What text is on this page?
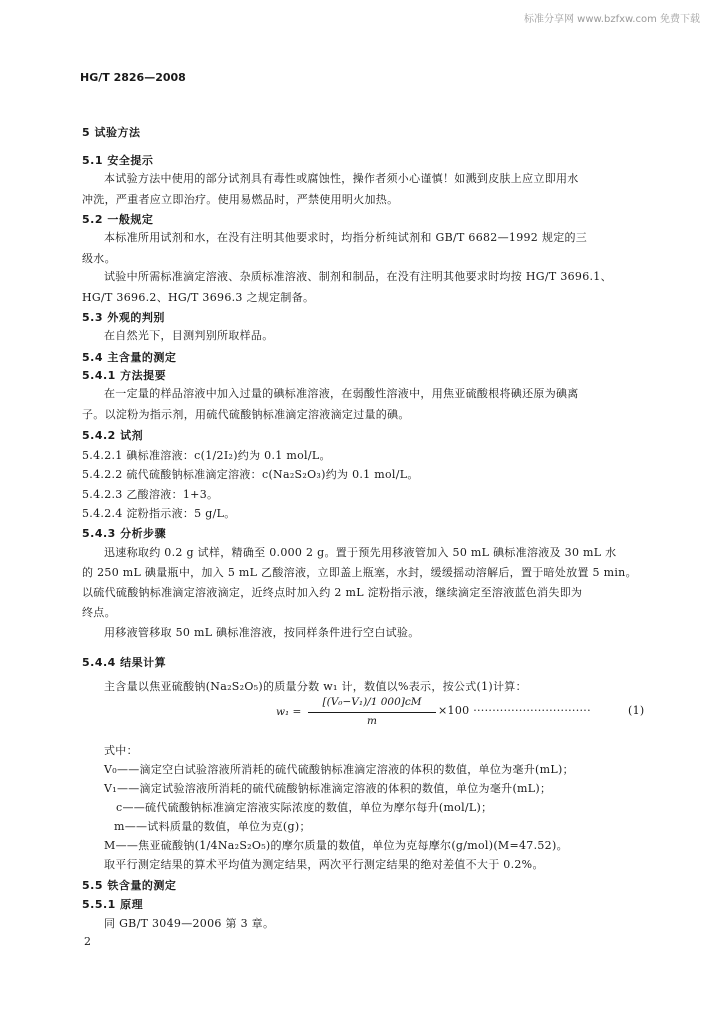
标准分享网 www.bzfxw.com 免费下载
HG/T 2826—2008
5 试验方法
5.1 安全提示
本试验方法中使用的部分试剂具有毒性或腐蚀性，操作者须小心谨慎！如溅到皮肤上应立即用水
冲洗，严重者应立即治疗。使用易燃品时，严禁使用明火加热。
5.2 一般规定
本标准所用试剂和水，在没有注明其他要求时，均指分析纯试剂和 GB/T 6682—1992 规定的三
级水。
试验中所需标准滴定溶液、杂质标准溶液、制剂和制品，在没有注明其他要求时均按 HG/T 3696.1、
HG/T 3696.2、HG/T 3696.3 之规定制备。
5.3 外观的判别
在自然光下，目测判别所取样品。
5.4 主含量的测定
5.4.1 方法提要
在一定量的样品溶液中加入过量的碘标准溶液，在弱酸性溶液中，用焦亚硫酸根将碘还原为碘离
子。以淀粉为指示剂，用硫代硫酸钠标准滴定溶液滴定过量的碘。
5.4.2 试剂
5.4.2.1 碘标准溶液：c(1/2I₂)约为 0.1 mol/L。
5.4.2.2 硫代硫酸钠标准滴定溶液：c(Na₂S₂O₃)约为 0.1 mol/L。
5.4.2.3 乙酸溶液：1+3。
5.4.2.4 淀粉指示液：5 g/L。
5.4.3 分析步骤
迅速称取约 0.2 g 试样，精确至 0.000 2 g。置于预先用移液管加入 50 mL 碘标准溶液及 30 mL 水
的 250 mL 碘量瓶中，加入 5 mL 乙酸溶液，立即盖上瓶塞，水封，缓缓摇动溶解后，置于暗处放置 5 min。
以硫代硫酸钠标准滴定溶液滴定，近终点时加入约 2 mL 淀粉指示液，继续滴定至溶液蓝色消失即为
终点。
用移液管移取 50 mL 碘标准溶液，按同样条件进行空白试验。
5.4.4 结果计算
主含量以焦亚硫酸钠(Na₂S₂O₅)的质量分数 w₁ 计，数值以%表示，按公式(1)计算：
w₁ =
[(V₀−V₁)/1 000]cM
m
×100 ·······························	(1)
式中：
V₀——滴定空白试验溶液所消耗的硫代硫酸钠标准滴定溶液的体积的数值，单位为毫升(mL)；
V₁——滴定试验溶液所消耗的硫代硫酸钠标准滴定溶液的体积的数值，单位为毫升(mL)；
c——硫代硫酸钠标准滴定溶液实际浓度的数值，单位为摩尔每升(mol/L)；
m——试料质量的数值，单位为克(g)；
M——焦亚硫酸钠(1/4Na₂S₂O₅)的摩尔质量的数值，单位为克每摩尔(g/mol)(M=47.52)。
取平行测定结果的算术平均值为测定结果，两次平行测定结果的绝对差值不大于 0.2%。
5.5 铁含量的测定
5.5.1 原理
同 GB/T 3049—2006 第 3 章。
2
